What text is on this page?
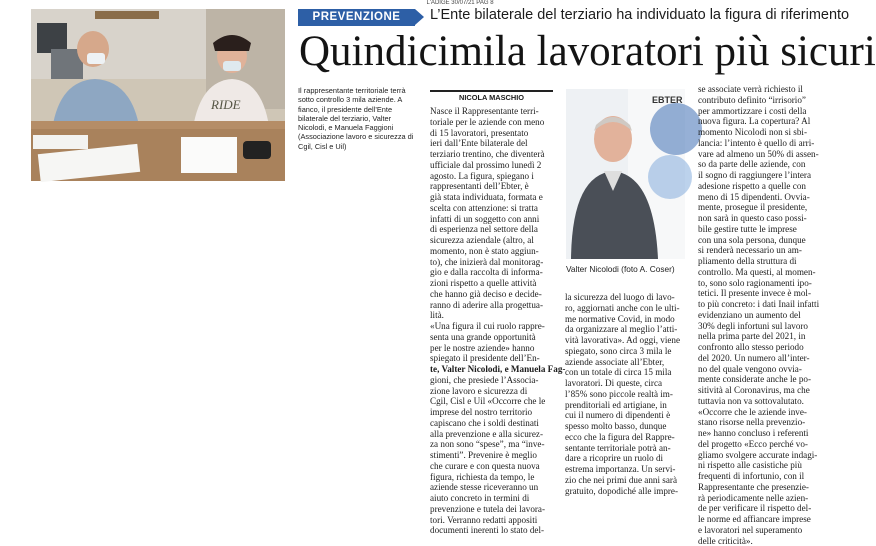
L'ADIGE 30/07/21 PAG 8
RIDE
Il rappresentante territoriale terrà sotto controllo 3 mila aziende. A fianco, il presidente dell’Ente bilaterale del terziario, Valter Nicolodi, e Manuela Faggioni (Associazione lavoro e sicurezza di Cgil, Cisl e Uil)
PREVENZIONE	L’Ente bilaterale del terziario ha individuato la figura di riferimento
Quindicimila lavoratori più sicuri
NICOLA MASCHIO

Nasce il Rappresentante terri-

toriale per le aziende con meno

di 15 lavoratori, presentato

ieri dall’Ente bilaterale del

terziario trentino, che diventerà

ufficiale dal prossimo lunedì 2

agosto. La figura, spiegano i

rappresentanti dell’Ebter, è

già stata individuata, formata e

scelta con attenzione: si tratta

infatti di un soggetto con anni

di esperienza nel settore della

sicurezza aziendale (altro, al

momento, non è stato aggiun-

to), che inizierà dal monitorag-

gio e dalla raccolta di informa-

zioni rispetto a quelle attività

che hanno già deciso e decide-

ranno di aderire alla progettua-

lità.

«Una figura il cui ruolo rappre-

senta una grande opportunità

per le nostre aziende» hanno

spiegato il presidente dell’En-

te, Valter Nicolodi, e Manuela Fag-

gioni, che presiede l’Associa-

zione lavoro e sicurezza di

Cgil, Cisl e Uil «Occorre che le

imprese del nostro territorio

capiscano che i soldi destinati

alla prevenzione e alla sicurez-

za non sono “spese”, ma “inve-

stimenti”. Prevenire è meglio

che curare e con questa nuova

figura, richiesta da tempo, le

aziende stesse riceveranno un

aiuto concreto in termini di

prevenzione e tutela dei lavora-

tori. Verranno redatti appositi

documenti inerenti lo stato del-

EBTER
Valter Nicolodi (foto A. Coser)

la sicurezza del luogo di lavo-

ro, aggiornati anche con le ulti-

me normative Covid, in modo

da organizzare al meglio l’atti-

vità lavorativa». Ad oggi, viene

spiegato, sono circa 3 mila le

aziende associate all’Ebter,

con un totale di circa 15 mila

lavoratori. Di queste, circa

l’85% sono piccole realtà im-

prenditoriali ed artigiane, in

cui il numero di dipendenti è

spesso molto basso, dunque

ecco che la figura del Rappre-

sentante territoriale potrà an-

dare a ricoprire un ruolo di

estrema importanza. Un servi-

zio che nei primi due anni sarà

gratuito, dopodiché alle impre-

se associate verrà richiesto il

contributo definito “irrisorio”

per ammortizzare i costi della

nuova figura. La copertura? Al

momento Nicolodi non si sbi-

lancia: l’intento è quello di arri-

vare ad almeno un 50% di assen-

so da parte delle aziende, con

il sogno di raggiungere l’intera

adesione rispetto a quelle con

meno di 15 dipendenti. Ovvia-

mente, prosegue il presidente,

non sarà in questo caso possi-

bile gestire tutte le imprese

con una sola persona, dunque

si renderà necessario un am-

pliamento della struttura di

controllo. Ma questi, al momen-

to, sono solo ragionamenti ipo-

tetici. Il presente invece è mol-

to più concreto: i dati Inail infatti

evidenziano un aumento del

30% degli infortuni sul lavoro

nella prima parte del 2021, in

confronto allo stesso periodo

del 2020. Un numero all’inter-

no del quale vengono ovvia-

mente considerate anche le po-

sitività al Coronavirus, ma che

tuttavia non va sottovalutato.

«Occorre che le aziende inve-

stano risorse nella prevenzio-

ne» hanno concluso i referenti

del progetto «Ecco perché vo-

gliamo svolgere accurate indagi-

ni rispetto alle casistiche più

frequenti di infortunio, con il

Rappresentante che presenzie-

rà periodicamente nelle azien-

de per verificare il rispetto del-

le norme ed affiancare imprese

e lavoratori nel superamento

delle criticità».
